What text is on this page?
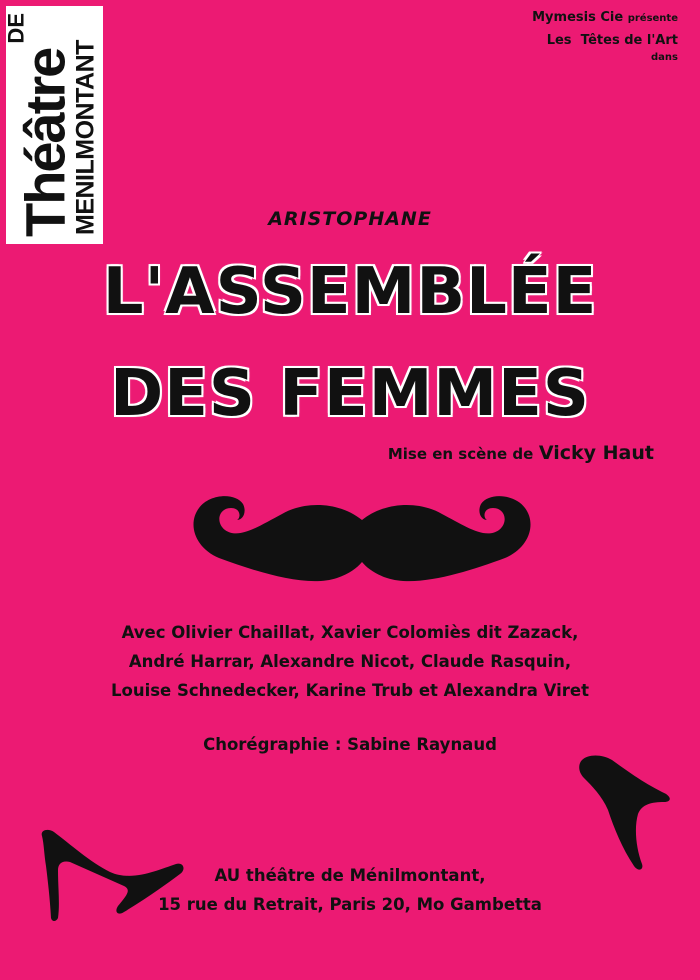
DE
Théâtre
MENILMONTANT
Mymesis Cie présente
Les  Têtes de l'Art
dans
ARISTOPHANE
L'ASSEMBLÉE
DES FEMMES
Mise en scène de Vicky Haut
Avec Olivier Chaillat, Xavier Colomiès dit Zazack,
André Harrar, Alexandre Nicot, Claude Rasquin,
Louise Schnedecker, Karine Trub et Alexandra Viret
Chorégraphie : Sabine Raynaud
AU théâtre de Ménilmontant,
15 rue du Retrait, Paris 20, Mo Gambetta
